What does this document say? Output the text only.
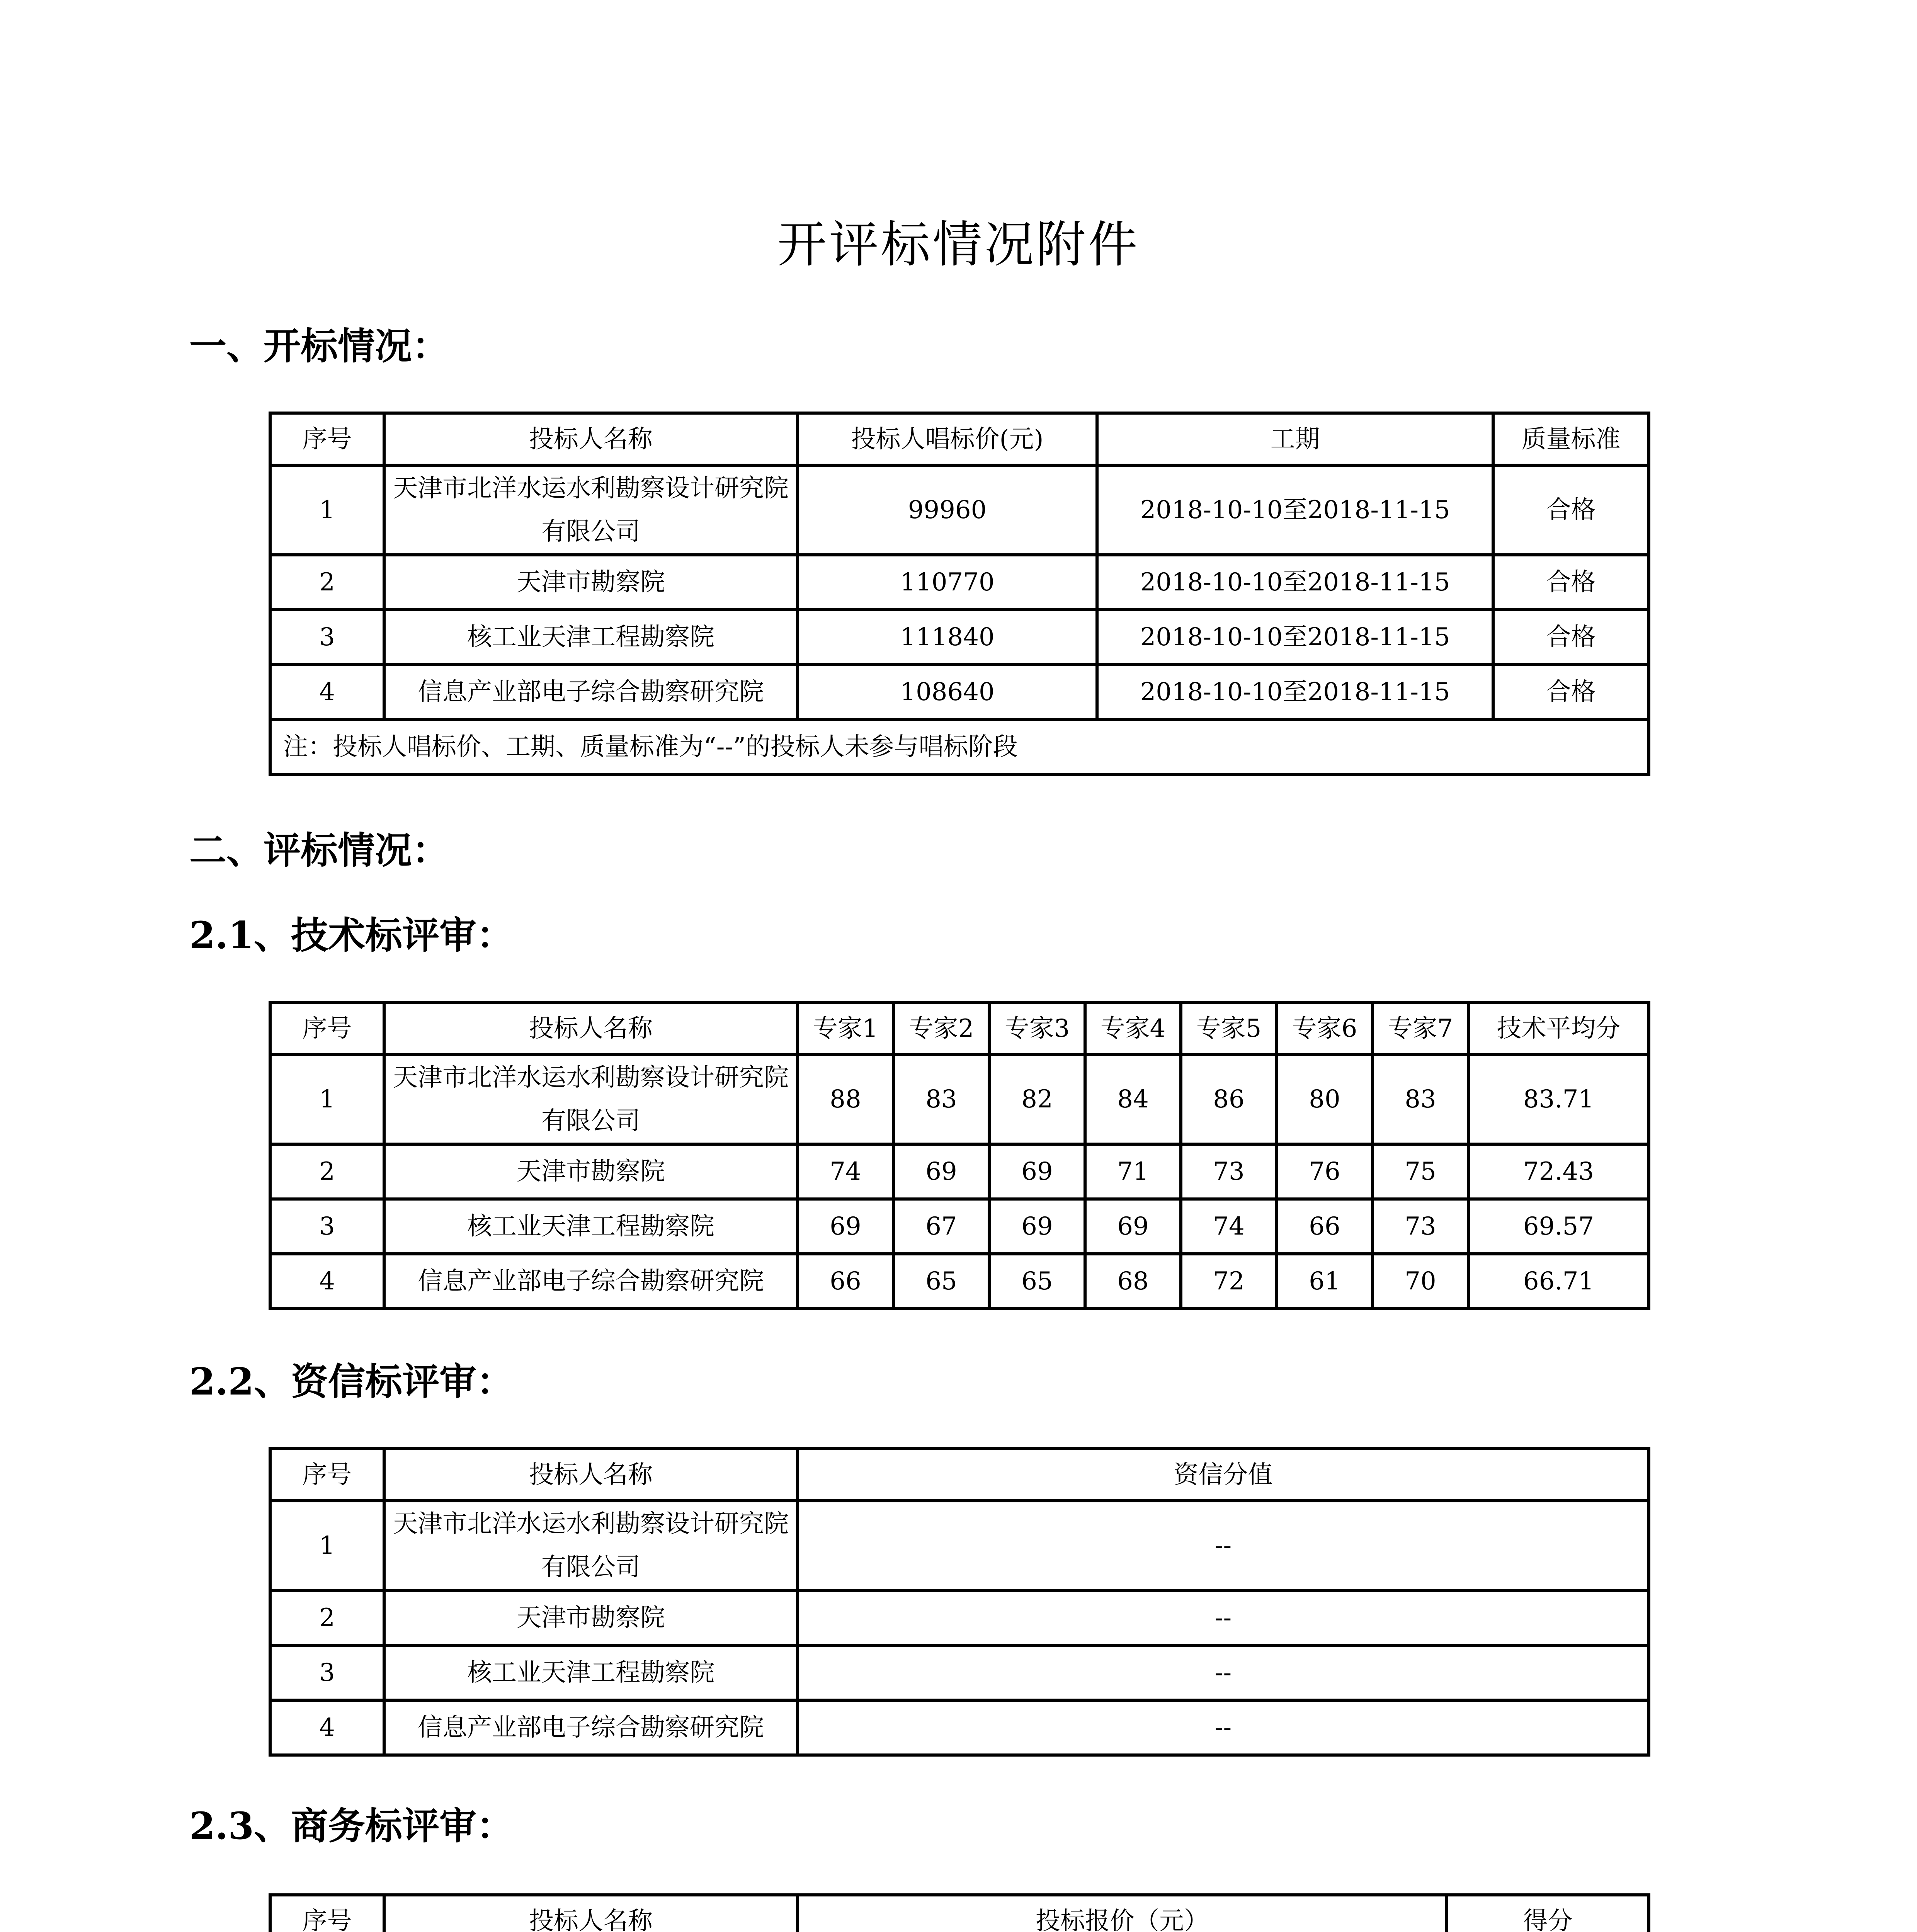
开评标情况附件
一、开标情况：
序号	投标人名称	投标人唱标价(元)	工期	质量标准
1	天津市北洋水运水利勘察设计研究院有限公司	99960	2018-10-10至2018-11-15	合格
2	天津市勘察院	110770	2018-10-10至2018-11-15	合格
3	核工业天津工程勘察院	111840	2018-10-10至2018-11-15	合格
4	信息产业部电子综合勘察研究院	108640	2018-10-10至2018-11-15	合格
注：投标人唱标价、工期、质量标准为“--”的投标人未参与唱标阶段				
二、评标情况：
2.1、技术标评审：
序号	投标人名称	专家1	专家2	专家3	专家4	专家5	专家6	专家7	技术平均分
1	天津市北洋水运水利勘察设计研究院有限公司	88	83	82	84	86	80	83	83.71
2	天津市勘察院	74	69	69	71	73	76	75	72.43
3	核工业天津工程勘察院	69	67	69	69	74	66	73	69.57
4	信息产业部电子综合勘察研究院	66	65	65	68	72	61	70	66.71
2.2、资信标评审：
序号	投标人名称	资信分值
1	天津市北洋水运水利勘察设计研究院有限公司	--
2	天津市勘察院	--
3	核工业天津工程勘察院	--
4	信息产业部电子综合勘察研究院	--
2.3、商务标评审：
序号	投标人名称	投标报价（元）	得分
